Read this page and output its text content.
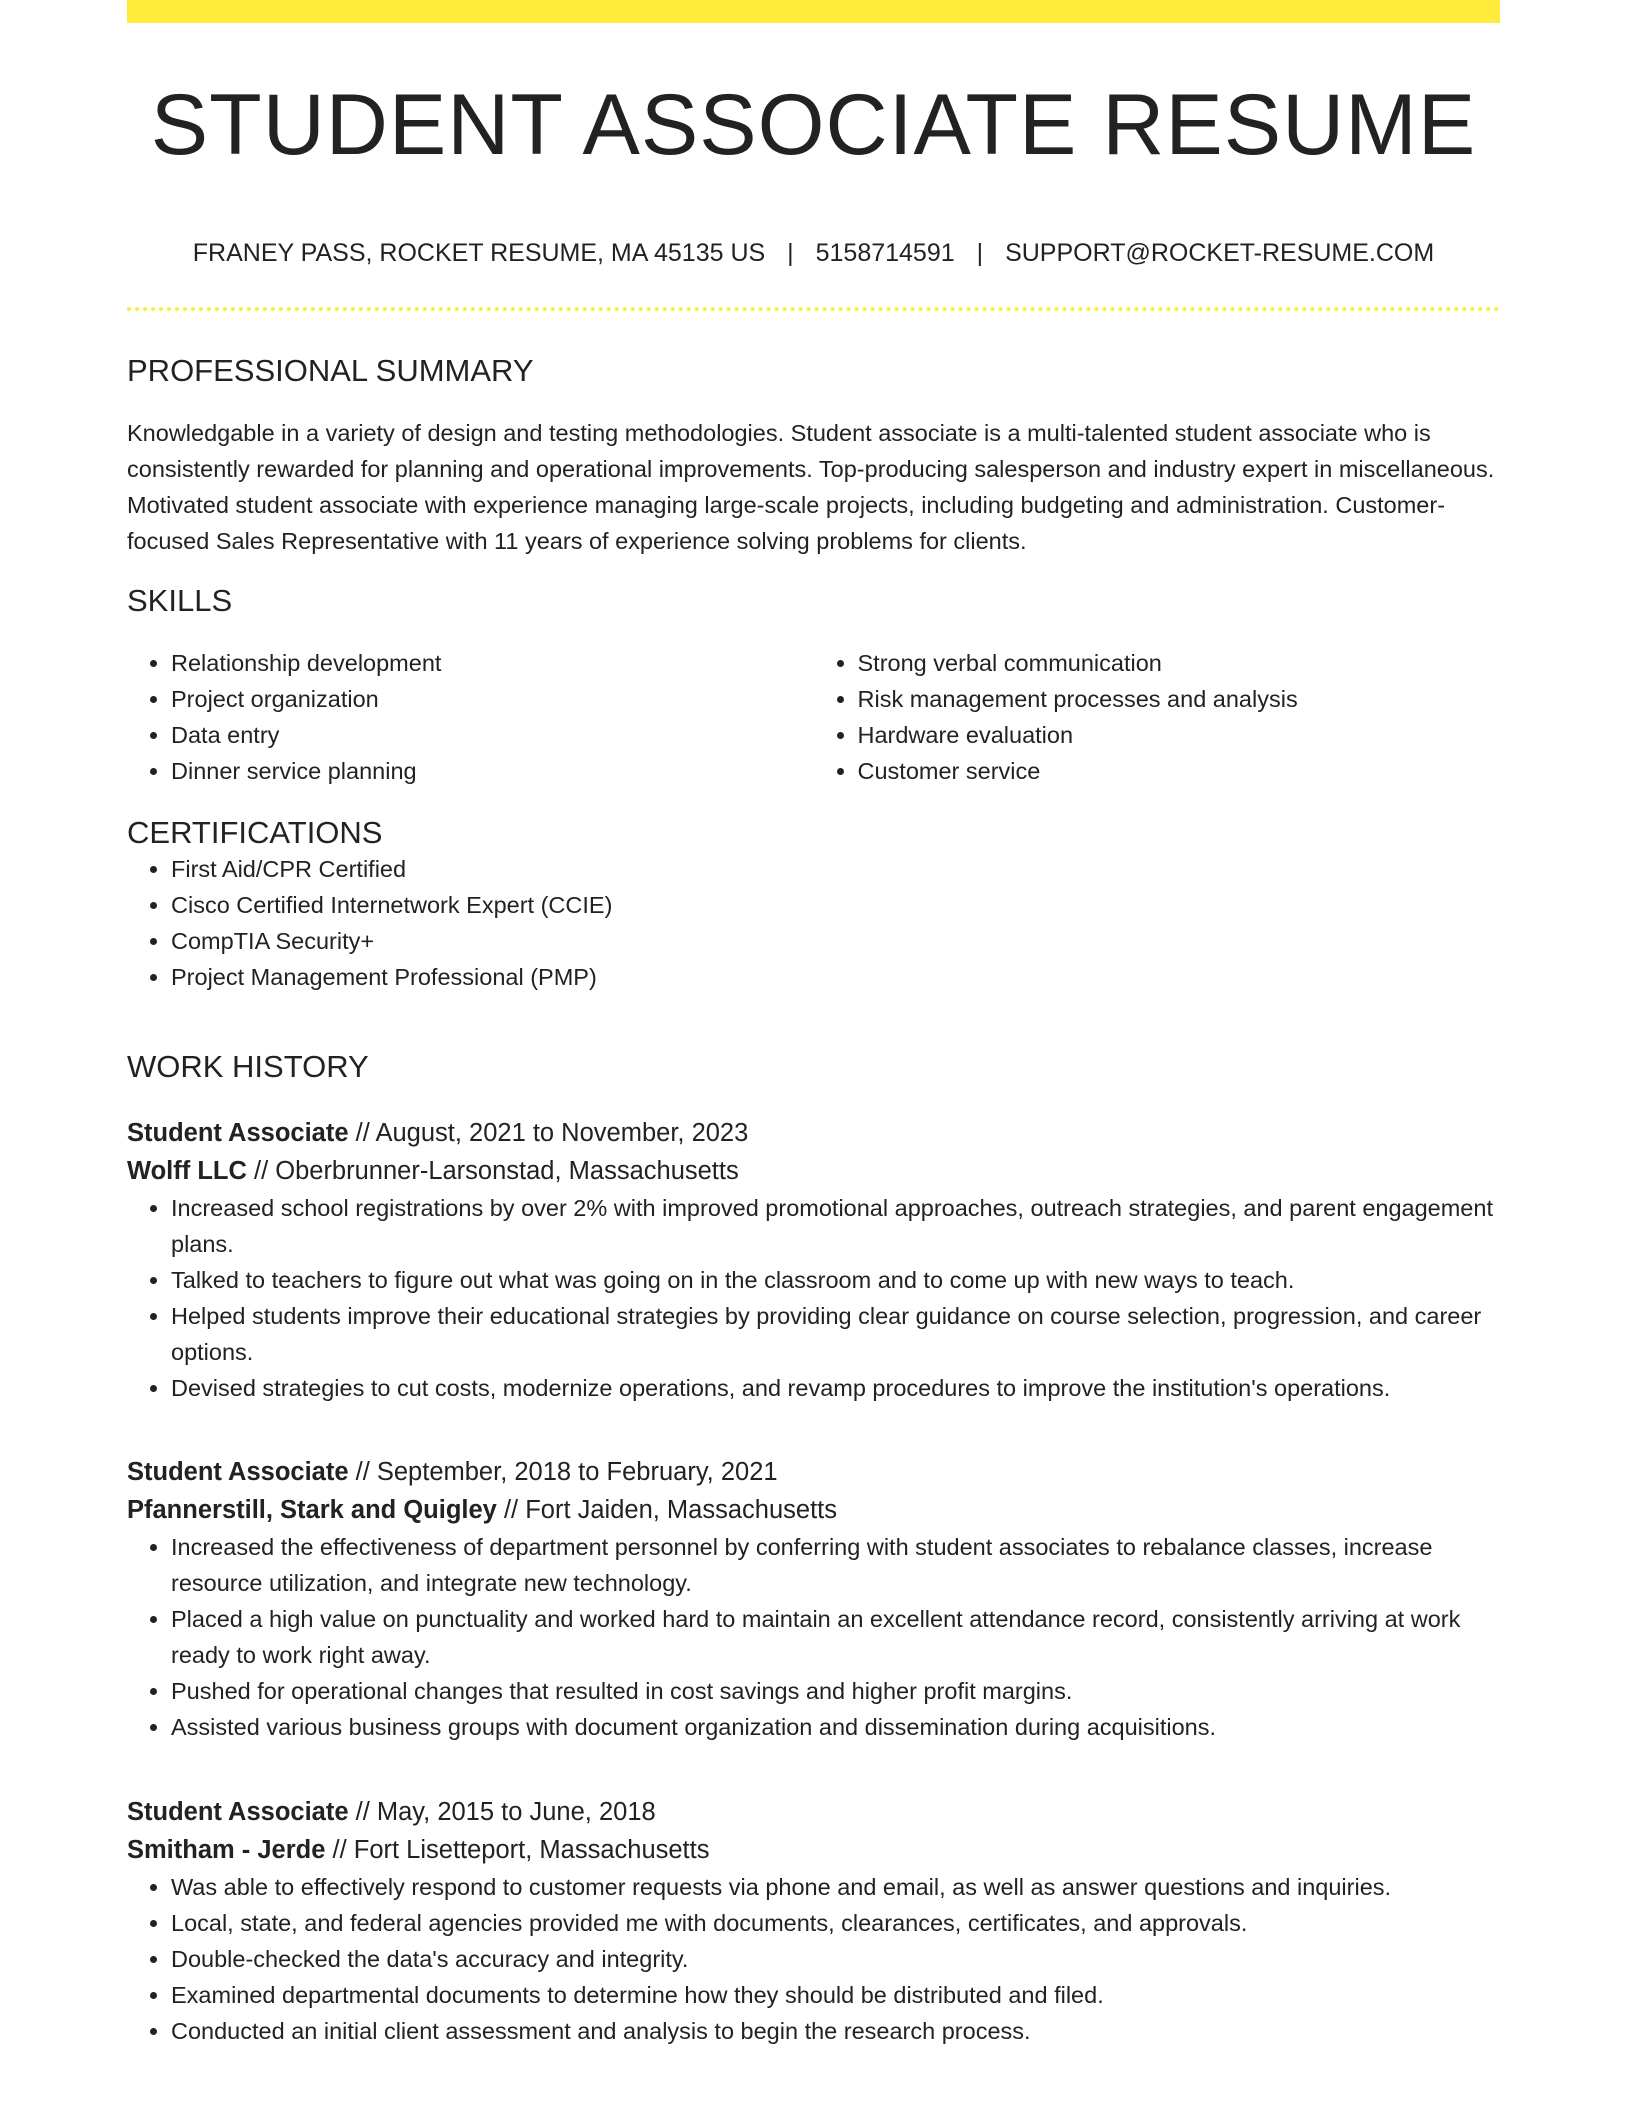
STUDENT ASSOCIATE RESUME
FRANEY PASS, ROCKET RESUME, MA 45135 US | 5158714591 | SUPPORT@ROCKET-RESUME.COM
PROFESSIONAL SUMMARY

Knowledgable in a variety of design and testing methodologies. Student associate is a multi-talented student associate who is consistently rewarded for planning and operational improvements. Top-producing salesperson and industry expert in miscellaneous. Motivated student associate with experience managing large-scale projects, including budgeting and administration. Customer-focused Sales Representative with 11 years of experience solving problems for clients.

SKILLS
• Relationship development
• Project organization
• Data entry
• Dinner service planning
• Strong verbal communication
• Risk management processes and analysis
• Hardware evaluation
• Customer service
CERTIFICATIONS
• First Aid/CPR Certified
• Cisco Certified Internetwork Expert (CCIE)
• CompTIA Security+
• Project Management Professional (PMP)
WORK HISTORY
Student Associate // August, 2021 to November, 2023
Wolff LLC // Oberbrunner-Larsonstad, Massachusetts
• Increased school registrations by over 2% with improved promotional approaches, outreach strategies, and parent engagement plans.
• Talked to teachers to figure out what was going on in the classroom and to come up with new ways to teach.
• Helped students improve their educational strategies by providing clear guidance on course selection, progression, and career options.
• Devised strategies to cut costs, modernize operations, and revamp procedures to improve the institution's operations.
Student Associate // September, 2018 to February, 2021
Pfannerstill, Stark and Quigley // Fort Jaiden, Massachusetts
• Increased the effectiveness of department personnel by conferring with student associates to rebalance classes, increase resource utilization, and integrate new technology.
• Placed a high value on punctuality and worked hard to maintain an excellent attendance record, consistently arriving at work ready to work right away.
• Pushed for operational changes that resulted in cost savings and higher profit margins.
• Assisted various business groups with document organization and dissemination during acquisitions.
Student Associate // May, 2015 to June, 2018
Smitham - Jerde // Fort Lisetteport, Massachusetts
• Was able to effectively respond to customer requests via phone and email, as well as answer questions and inquiries.
• Local, state, and federal agencies provided me with documents, clearances, certificates, and approvals.
• Double-checked the data's accuracy and integrity.
• Examined departmental documents to determine how they should be distributed and filed.
• Conducted an initial client assessment and analysis to begin the research process.
